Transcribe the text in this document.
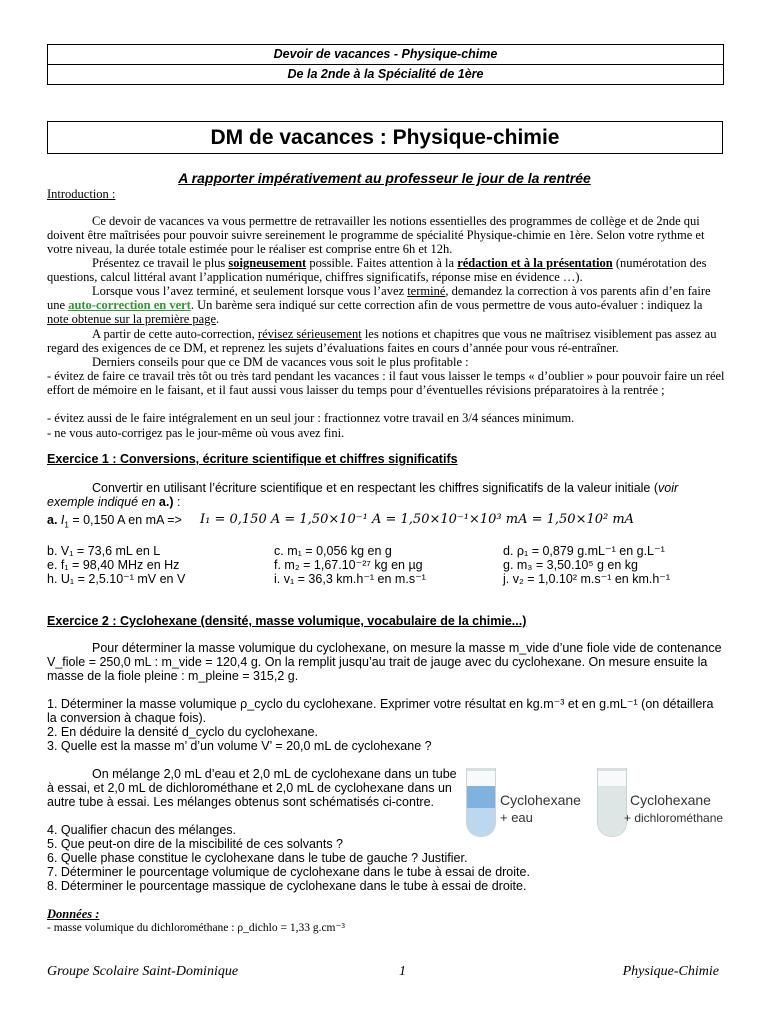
Devoir de vacances - Physique-chime
De la 2nde à la Spécialité de 1ère
DM de vacances : Physique-chimie
A rapporter impérativement au professeur le jour de la rentrée
Introduction :
Ce devoir de vacances va vous permettre de retravailler les notions essentielles des programmes de collège et de 2nde qui doivent être maîtrisées pour pouvoir suivre sereinement le programme de spécialité Physique-chimie en 1ère. Selon votre rythme et votre niveau, la durée totale estimée pour le réaliser est comprise entre 6h et 12h.
Présentez ce travail le plus soigneusement possible. Faites attention à la rédaction et à la présentation (numérotation des questions, calcul littéral avant l’application numérique, chiffres significatifs, réponse mise en évidence …).
Lorsque vous l’avez terminé, et seulement lorsque vous l’avez terminé, demandez la correction à vos parents afin d’en faire une auto-correction en vert. Un barème sera indiqué sur cette correction afin de vous permettre de vous auto-évaluer : indiquez la note obtenue sur la première page.
A partir de cette auto-correction, révisez sérieusement les notions et chapitres que vous ne maîtrisez visiblement pas assez au regard des exigences de ce DM, et reprenez les sujets d’évaluations faites en cours d’année pour vous ré-entraîner.
Derniers conseils pour que ce DM de vacances vous soit le plus profitable :
- évitez de faire ce travail très tôt ou très tard pendant les vacances : il faut vous laisser le temps « d’oublier » pour pouvoir faire un réel effort de mémoire en le faisant, et il faut aussi vous laisser du temps pour d’éventuelles révisions préparatoires à la rentrée ;
- évitez aussi de le faire intégralement en un seul jour : fractionnez votre travail en 3/4 séances minimum.
- ne vous auto-corrigez pas le jour-même où vous avez fini.
Exercice 1 : Conversions, écriture scientifique et chiffres significatifs
Convertir en utilisant l’écriture scientifique et en respectant les chiffres significatifs de la valeur initiale (voir exemple indiqué en a.) :
a. $I_1 = 0,150$ A en mA =>	I₁ = 0,150 A = 1,50×10⁻¹ A = 1,50×10⁻¹×10³ mA = 1,50×10² mA
b. V₁ = 73,6 mL en L	c. m₁ = 0,056 kg en g	d. ρ₁ = 0,879 g.mL⁻¹ en g.L⁻¹
e. f₁ = 98,40 MHz en Hz	f. m₂ = 1,67.10⁻²⁷ kg en µg	g. m₃ = 3,50.10⁵ g en kg
h. U₁ = 2,5.10⁻¹ mV en V	i. v₁ = 36,3 km.h⁻¹ en m.s⁻¹	j. v₂ = 1,0.10² m.s⁻¹ en km.h⁻¹
Exercice 2 : Cyclohexane (densité, masse volumique, vocabulaire de la chimie...)
Pour déterminer la masse volumique du cyclohexane, on mesure la masse m_vide d’une fiole vide de contenance V_fiole = 250,0 mL : m_vide = 120,4 g. On la remplit jusqu’au trait de jauge avec du cyclohexane. On mesure ensuite la masse de la fiole pleine : m_pleine = 315,2 g.
1. Déterminer la masse volumique ρ_cyclo du cyclohexane. Exprimer votre résultat en kg.m⁻³ et en g.mL⁻¹ (on détaillera la conversion à chaque fois).
2. En déduire la densité d_cyclo du cyclohexane.
3. Quelle est la masse m’ d’un volume V’ = 20,0 mL de cyclohexane ?
On mélange 2,0 mL d’eau et 2,0 mL de cyclohexane dans un tube à essai, et 2,0 mL de dichlorométhane et 2,0 mL de cyclohexane dans un autre tube à essai. Les mélanges obtenus sont schématisés ci-contre.	Cyclohexane
+ eau
Cyclohexane
+ dichlorométhane
4. Qualifier chacun des mélanges.
5. Que peut-on dire de la miscibilité de ces solvants ?
6. Quelle phase constitue le cyclohexane dans le tube de gauche ? Justifier.
7. Déterminer le pourcentage volumique de cyclohexane dans le tube à essai de droite.
8. Déterminer le pourcentage massique de cyclohexane dans le tube à essai de droite.
Données :
- masse volumique du dichlorométhane : ρ_dichlo = 1,33 g.cm⁻³
Groupe Scolaire Saint-Dominique	1	Physique-Chimie
